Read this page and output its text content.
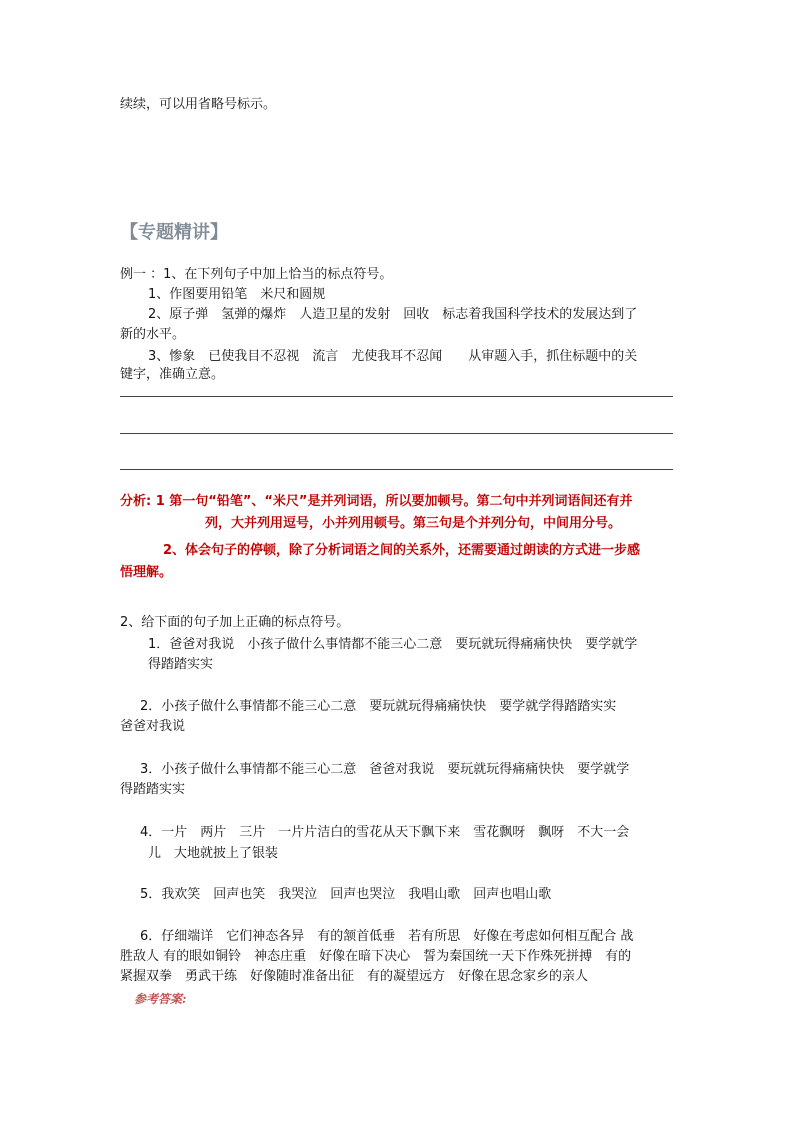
续续，可以用省略号标示。
【专题精讲】
例一 ：1、在下列句子中加上恰当的标点符号。
1、作图要用铅笔　米尺和圆规
2、原子弹　氢弹的爆炸　人造卫星的发射　回收　标志着我国科学技术的发展达到了
新的水平。
3、惨象　已使我目不忍视　流言　尤使我耳不忍闻　　从审题入手，抓住标题中的关
键字，准确立意。
分析: 1 第一句“铅笔”、“米尺”是并列词语，所以要加顿号。第二句中并列词语间还有并
列，大并列用逗号，小并列用顿号。第三句是个并列分句，中间用分号。
2、体会句子的停顿，除了分析词语之间的关系外，还需要通过朗读的方式进一步感
悟理解。
2、给下面的句子加上正确的标点符号。
1．爸爸对我说　小孩子做什么事情都不能三心二意　要玩就玩得痛痛快快　要学就学
得踏踏实实
2．小孩子做什么事情都不能三心二意　要玩就玩得痛痛快快　要学就学得踏踏实实
爸爸对我说
3．小孩子做什么事情都不能三心二意　爸爸对我说　要玩就玩得痛痛快快　要学就学
得踏踏实实
4．一片　两片　三片　一片片洁白的雪花从天下飘下来　雪花飘呀　飘呀　不大一会
儿　大地就披上了银装
5．我欢笑　回声也笑　我哭泣　回声也哭泣　我唱山歌　回声也唱山歌
6．仔细端详　它们神态各异　有的颔首低垂　若有所思　好像在考虑如何相互配合 战
胜敌人 有的眼如铜铃　神态庄重　好像在暗下决心　誓为秦国统一天下作殊死拼搏　有的
紧握双拳　勇武干练　好像随时准备出征　有的凝望远方　好像在思念家乡的亲人
参考答案:
